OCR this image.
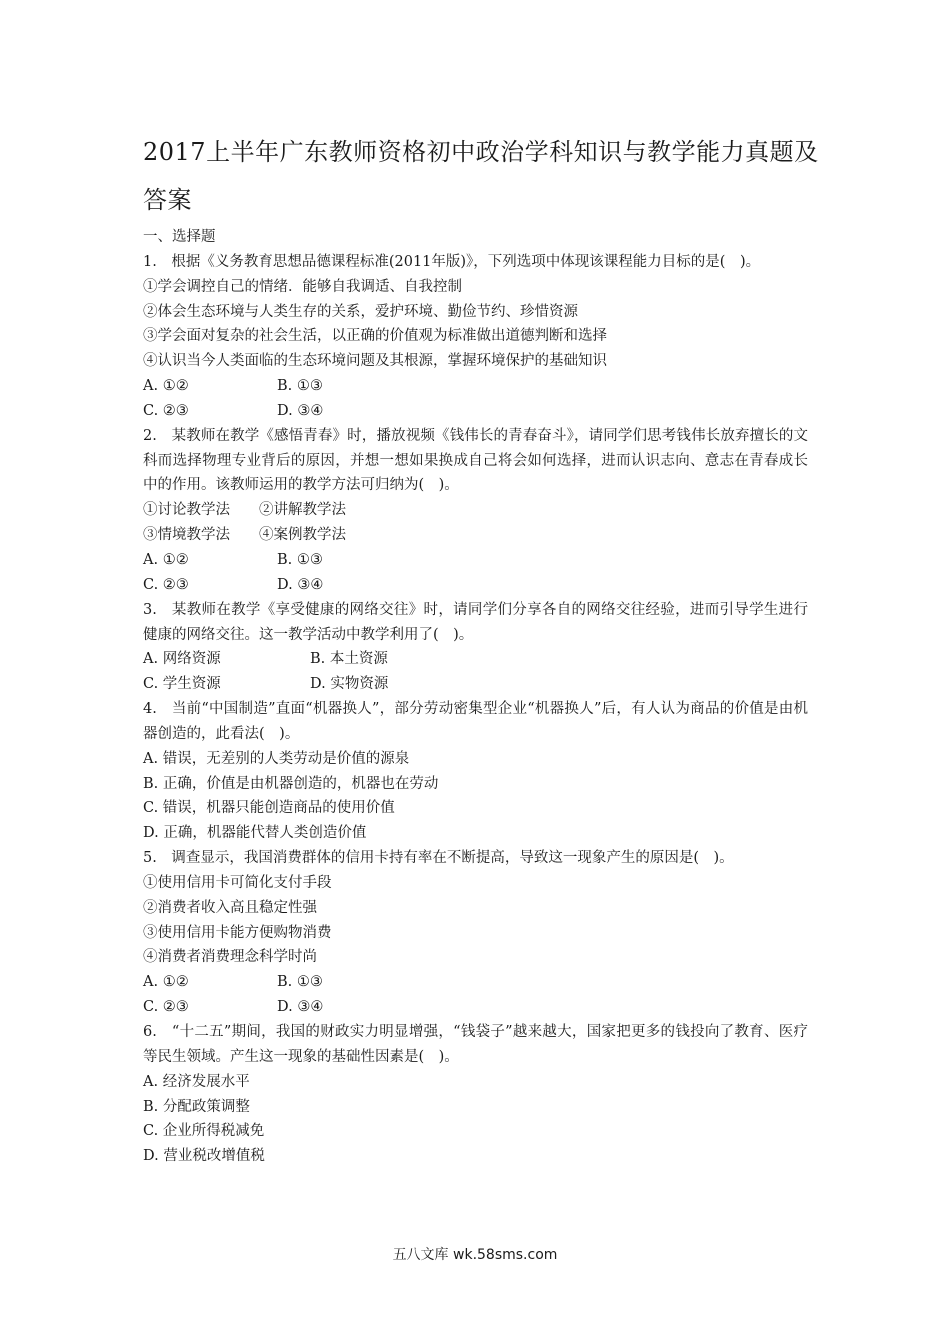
2017上半年广东教师资格初中政治学科知识与教学能力真题及答案
一、选择题
1.　根据《义务教育思想品德课程标准(2011年版)》，下列选项中体现该课程能力目标的是(　)。
①学会调控自己的情绪．能够自我调适、自我控制
②体会生态环境与人类生存的关系，爱护环境、勤俭节约、珍惜资源
③学会面对复杂的社会生活，以正确的价值观为标准做出道德判断和选择
④认识当今人类面临的生态环境问题及其根源，掌握环境保护的基础知识
A. ①②	B. ①③
C. ②③	D. ③④
2.　某教师在教学《感悟青春》时，播放视频《钱伟长的青春奋斗》，请同学们思考钱伟长放弃擅长的文科而选择物理专业背后的原因，并想一想如果换成自己将会如何选择，进而认识志向、意志在青春成长中的作用。该教师运用的教学方法可归纳为(　)。
①讨论教学法　　②讲解教学法
③情境教学法　　④案例教学法
A. ①②	B. ①③
C. ②③	D. ③④
3.　某教师在教学《享受健康的网络交往》时，请同学们分享各自的网络交往经验，进而引导学生进行健康的网络交往。这一教学活动中教学利用了(　)。
A. 网络资源	B. 本土资源
C. 学生资源	D. 实物资源
4.　当前“中国制造”直面“机器换人”，部分劳动密集型企业“机器换人”后，有人认为商品的价值是由机器创造的，此看法(　)。
A. 错误，无差别的人类劳动是价值的源泉
B. 正确，价值是由机器创造的，机器也在劳动
C. 错误，机器只能创造商品的使用价值
D. 正确，机器能代替人类创造价值
5.　调查显示，我国消费群体的信用卡持有率在不断提高，导致这一现象产生的原因是(　)。
①使用信用卡可简化支付手段
②消费者收入高且稳定性强
③使用信用卡能方便购物消费
④消费者消费理念科学时尚
A. ①②	B. ①③
C. ②③	D. ③④
6.　“十二五”期间，我国的财政实力明显增强，“钱袋子”越来越大，国家把更多的钱投向了教育、医疗等民生领域。产生这一现象的基础性因素是(　)。
A. 经济发展水平
B. 分配政策调整
C. 企业所得税减免
D. 营业税改增值税
五八文库 wk.58sms.com
